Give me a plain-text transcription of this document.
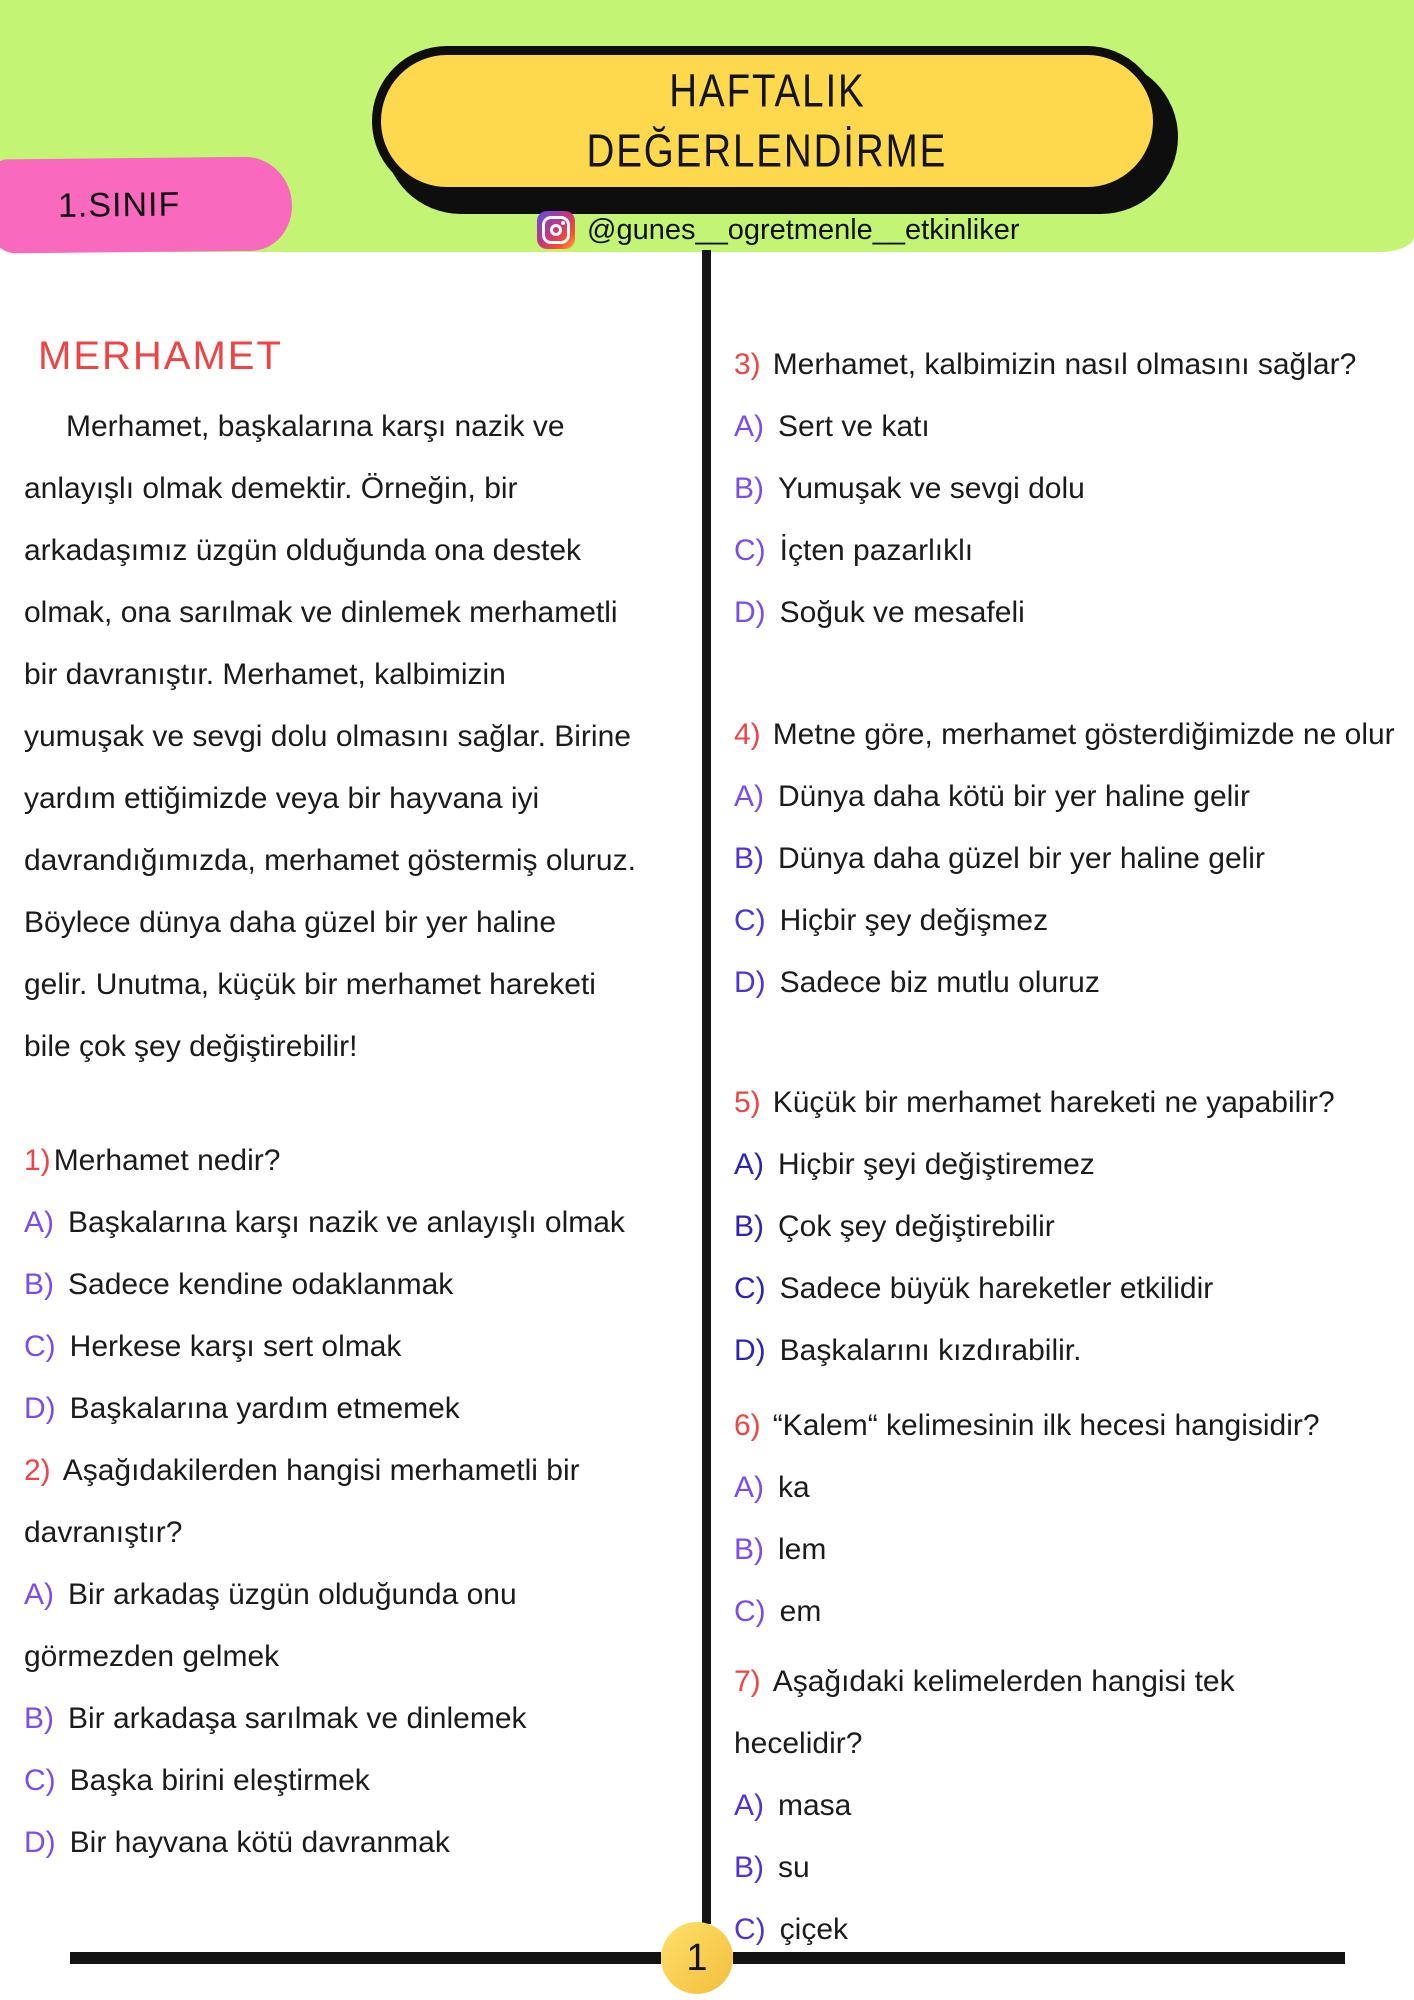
1.SINIF
HAFTALIK
DEĞERLENDİRME
@gunes__ogretmenle__etkinliker
MERHAMET
Merhamet, başkalarına karşı nazik ve
anlayışlı olmak demektir. Örneğin, bir
arkadaşımız üzgün olduğunda ona destek
olmak, ona sarılmak ve dinlemek merhametli
bir davranıştır. Merhamet, kalbimizin
yumuşak ve sevgi dolu olmasını sağlar. Birine
yardım ettiğimizde veya bir hayvana iyi
davrandığımızda, merhamet göstermiş oluruz.
Böylece dünya daha güzel bir yer haline
gelir. Unutma, küçük bir merhamet hareketi
bile çok şey değiştirebilir!
1) Merhamet nedir?
A) Başkalarına karşı nazik ve anlayışlı olmak
B) Sadece kendine odaklanmak
C) Herkese karşı sert olmak
D) Başkalarına yardım etmemek
2) Aşağıdakilerden hangisi merhametli bir
davranıştır?
A) Bir arkadaş üzgün olduğunda onu
görmezden gelmek
B) Bir arkadaşa sarılmak ve dinlemek
C) Başka birini eleştirmek
D) Bir hayvana kötü davranmak
3) Merhamet, kalbimizin nasıl olmasını sağlar?
A) Sert ve katı
B) Yumuşak ve sevgi dolu
C) İçten pazarlıklı
D) Soğuk ve mesafeli
4) Metne göre, merhamet gösterdiğimizde ne olur
A) Dünya daha kötü bir yer haline gelir
B) Dünya daha güzel bir yer haline gelir
C) Hiçbir şey değişmez
D) Sadece biz mutlu oluruz
5) Küçük bir merhamet hareketi ne yapabilir?
A) Hiçbir şeyi değiştiremez
B) Çok şey değiştirebilir
C) Sadece büyük hareketler etkilidir
D) Başkalarını kızdırabilir.
6) “Kalem“ kelimesinin ilk hecesi hangisidir?
A) ka
B) lem
C) em
7) Aşağıdaki kelimelerden hangisi tek
hecelidir?
A) masa
B) su
C) çiçek
1
